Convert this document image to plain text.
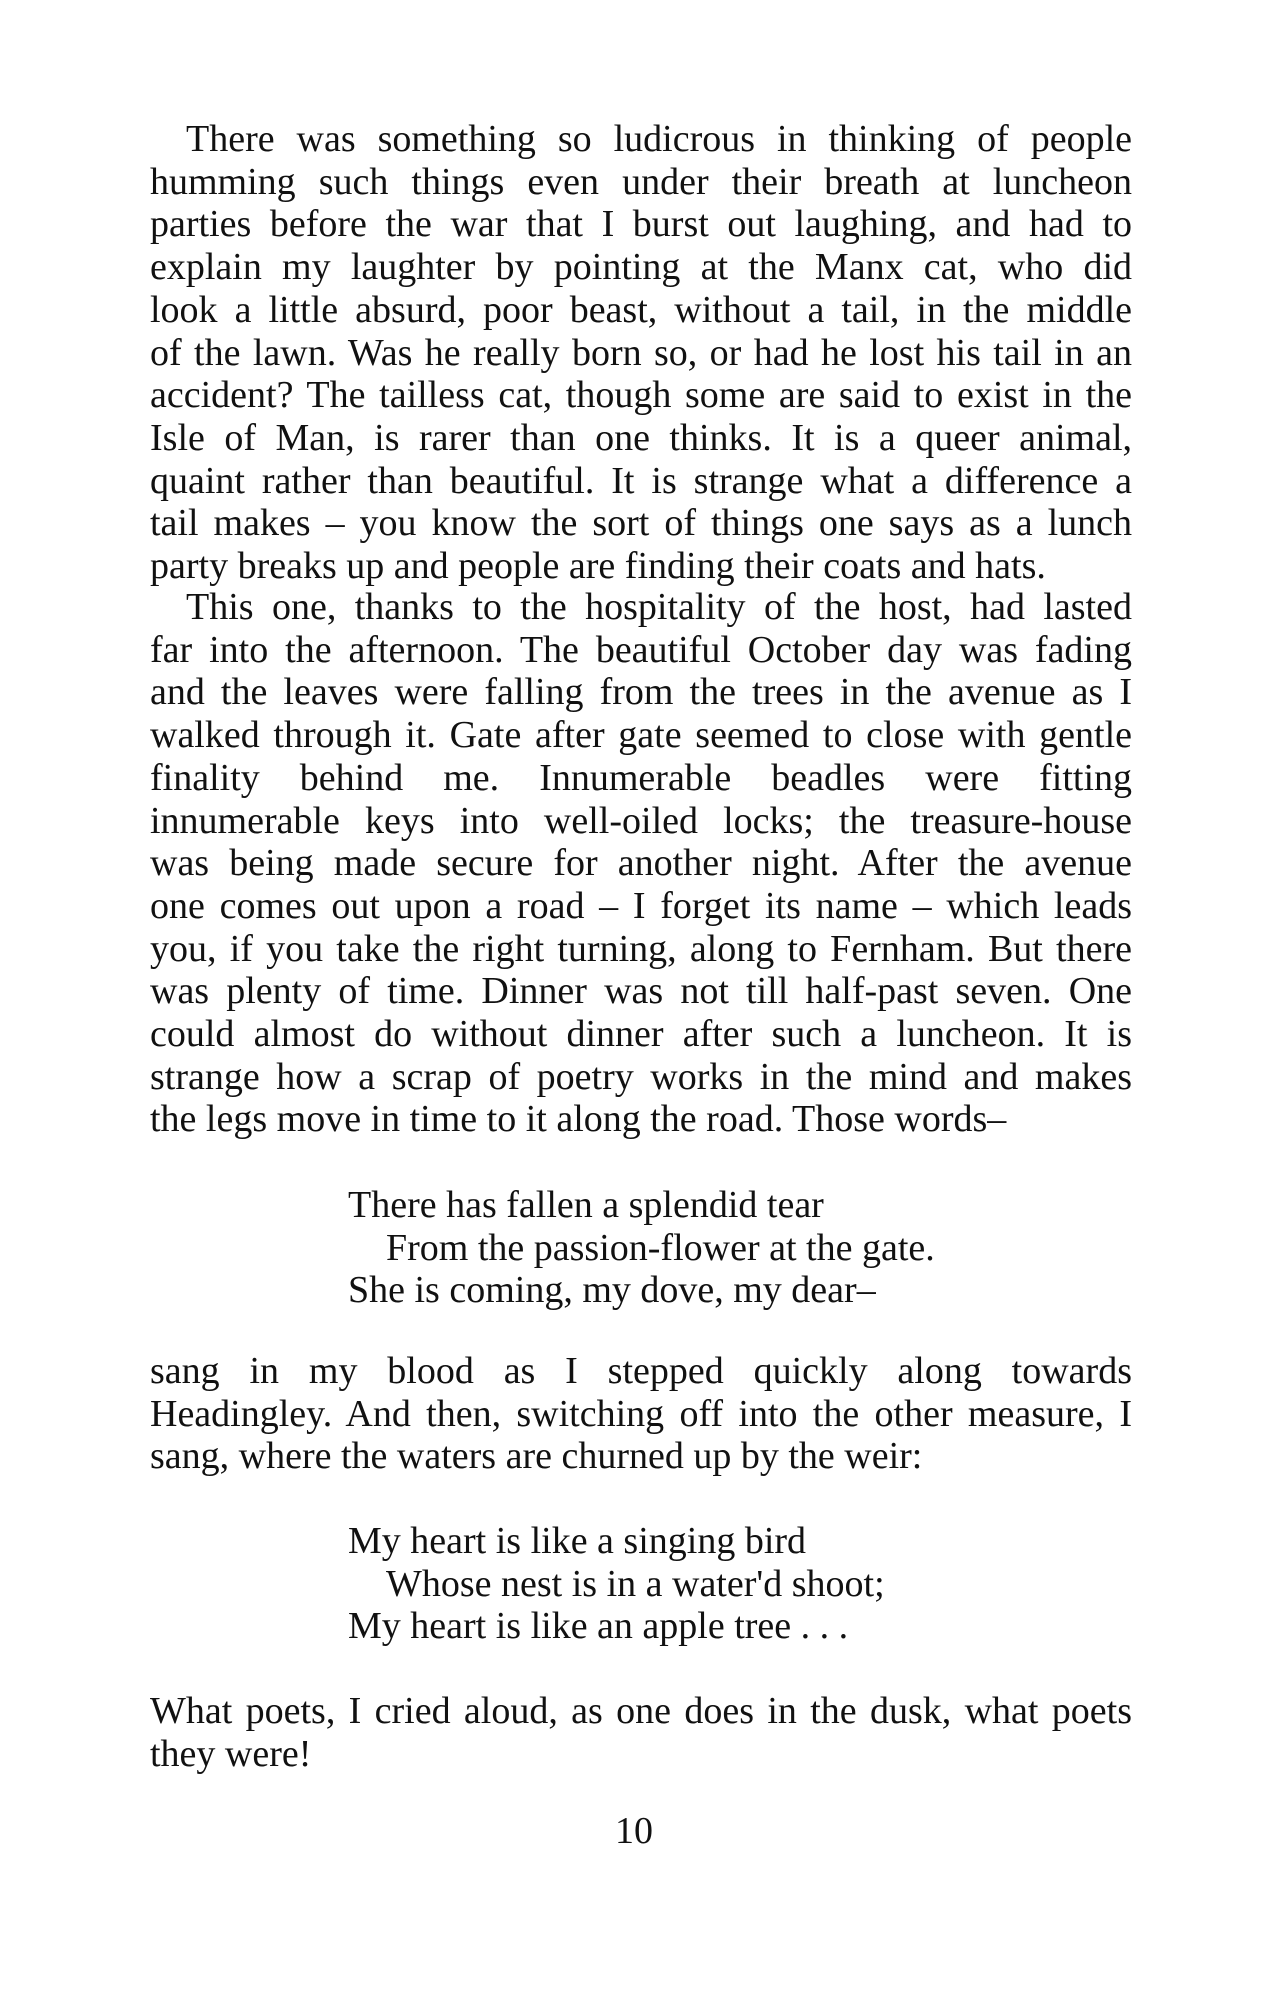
There was something so ludicrous in thinking of people
humming such things even under their breath at luncheon
parties before the war that I burst out laughing, and had to
explain my laughter by pointing at the Manx cat, who did
look a little absurd, poor beast, without a tail, in the middle
of the lawn. Was he really born so, or had he lost his tail in an
accident? The tailless cat, though some are said to exist in the
Isle of Man, is rarer than one thinks. It is a queer animal,
quaint rather than beautiful. It is strange what a difference a
tail makes – you know the sort of things one says as a lunch
party breaks up and people are finding their coats and hats.
This one, thanks to the hospitality of the host, had lasted
far into the afternoon. The beautiful October day was fading
and the leaves were falling from the trees in the avenue as I
walked through it. Gate after gate seemed to close with gentle
finality behind me. Innumerable beadles were fitting
innumerable keys into well-oiled locks; the treasure-house
was being made secure for another night. After the avenue
one comes out upon a road – I forget its name – which leads
you, if you take the right turning, along to Fernham. But there
was plenty of time. Dinner was not till half-past seven. One
could almost do without dinner after such a luncheon. It is
strange how a scrap of poetry works in the mind and makes
the legs move in time to it along the road. Those words–
There has fallen a splendid tear
From the passion-flower at the gate.
She is coming, my dove, my dear–
sang in my blood as I stepped quickly along towards
Headingley. And then, switching off into the other measure, I
sang, where the waters are churned up by the weir:
My heart is like a singing bird
Whose nest is in a water'd shoot;
My heart is like an apple tree . . .
What poets, I cried aloud, as one does in the dusk, what poets
they were!
10
